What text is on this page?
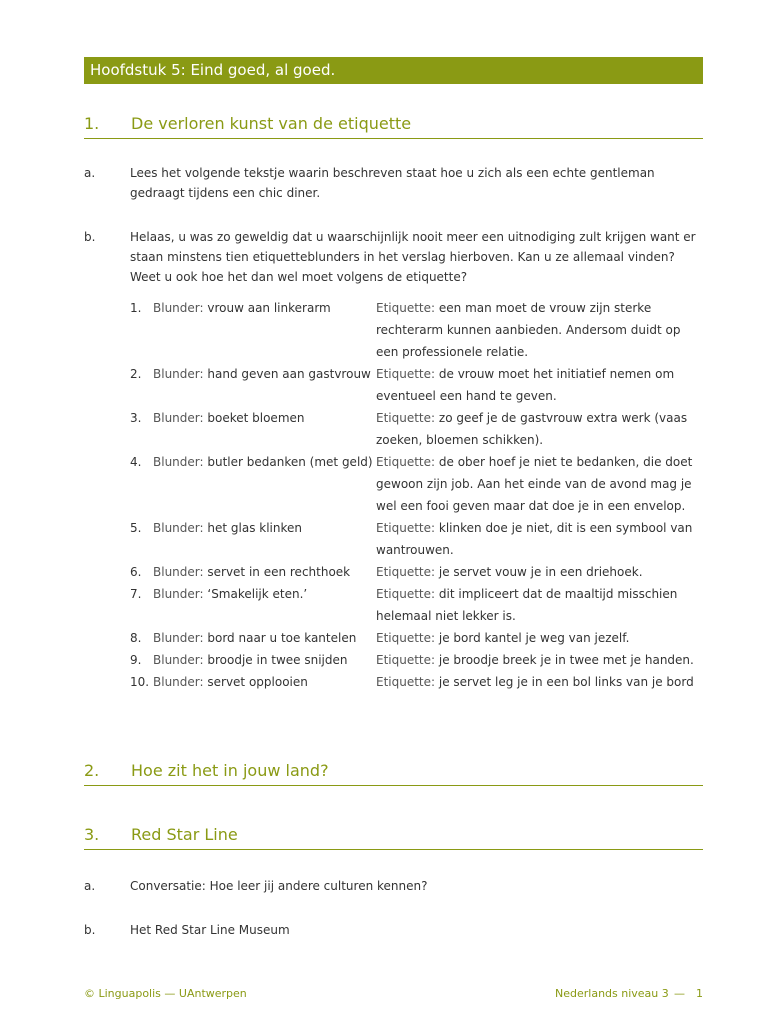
Hoofdstuk 5: Eind goed, al goed.
1. De verloren kunst van de etiquette
a.	Lees het volgende tekstje waarin beschreven staat hoe u zich als een echte gentleman gedraagt tijdens een chic diner.
b.	Helaas, u was zo geweldig dat u waarschijnlijk nooit meer een uitnodiging zult krijgen want er staan minstens tien etiquetteblunders in het verslag hierboven. Kan u ze allemaal vinden? Weet u ook hoe het dan wel moet volgens de etiquette?
1. Blunder: vrouw aan linkerarm	Etiquette: een man moet de vrouw zijn sterke rechterarm kunnen aanbieden. Andersom duidt op een professionele relatie.
2. Blunder: hand geven aan gastvrouw Etiquette: de vrouw moet het initiatief nemen om eventueel een hand te geven.
3. Blunder: boeket bloemen	Etiquette: zo geef je de gastvrouw extra werk (vaas zoeken, bloemen schikken).
4. Blunder: butler bedanken (met geld) Etiquette: de ober hoef je niet te bedanken, die doet gewoon zijn job. Aan het einde van de avond mag je wel een fooi geven maar dat doe je in een envelop.
5. Blunder: het glas klinken	Etiquette: klinken doe je niet, dit is een symbool van wantrouwen.
6. Blunder: servet in een rechthoek	Etiquette: je servet vouw je in een driehoek.
7. Blunder: ‘Smakelijk eten.’	Etiquette: dit impliceert dat de maaltijd misschien helemaal niet lekker is.
8. Blunder: bord naar u toe kantelen	Etiquette: je bord kantel je weg van jezelf.
9. Blunder: broodje in twee snijden	Etiquette: je broodje breek je in twee met je handen.
10. Blunder: servet opplooien	Etiquette: je servet leg je in een bol links van je bord
2. Hoe zit het in jouw land?
3. Red Star Line
a.	Conversatie: Hoe leer jij andere culturen kennen?
b.	Het Red Star Line Museum
© Linguapolis — UAntwerpen	Nederlands niveau 3 — 1
